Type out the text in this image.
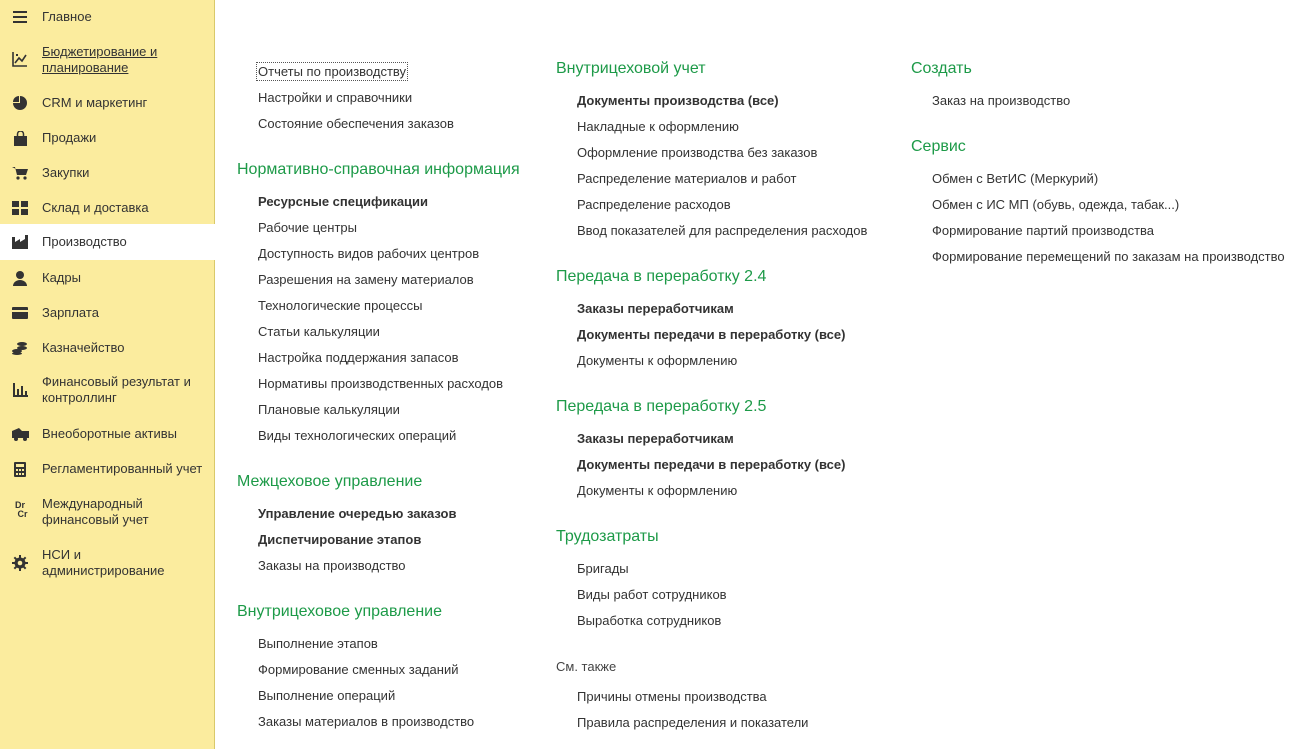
Главное
Бюджетирование и планирование
CRM и маркетинг
Продажи
Закупки
Склад и доставка
Производство
Кадры
Зарплата
Казначейство
Финансовый результат и контроллинг
Внеоборотные активы
Регламентированный учет
Dr
Cr
Международный финансовый учет
НСИ и администрирование
Отчеты по производству
Настройки и справочники
Состояние обеспечения заказов
Нормативно-справочная информация
Ресурсные спецификации
Рабочие центры
Доступность видов рабочих центров
Разрешения на замену материалов
Технологические процессы
Статьи калькуляции
Настройка поддержания запасов
Нормативы производственных расходов
Плановые калькуляции
Виды технологических операций
Межцеховое управление
Управление очередью заказов
Диспетчирование этапов
Заказы на производство
Внутрицеховое управление
Выполнение этапов
Формирование сменных заданий
Выполнение операций
Заказы материалов в производство
Внутрицеховой учет
Документы производства (все)
Накладные к оформлению
Оформление производства без заказов
Распределение материалов и работ
Распределение расходов
Ввод показателей для распределения расходов
Передача в переработку 2.4
Заказы переработчикам
Документы передачи в переработку (все)
Документы к оформлению
Передача в переработку 2.5
Заказы переработчикам
Документы передачи в переработку (все)
Документы к оформлению
Трудозатраты
Бригады
Виды работ сотрудников
Выработка сотрудников
См. также
Причины отмены производства
Правила распределения и показатели
Создать
Заказ на производство
Сервис
Обмен с ВетИС (Меркурий)
Обмен с ИС МП (обувь, одежда, табак...)
Формирование партий производства
Формирование перемещений по заказам на производство
